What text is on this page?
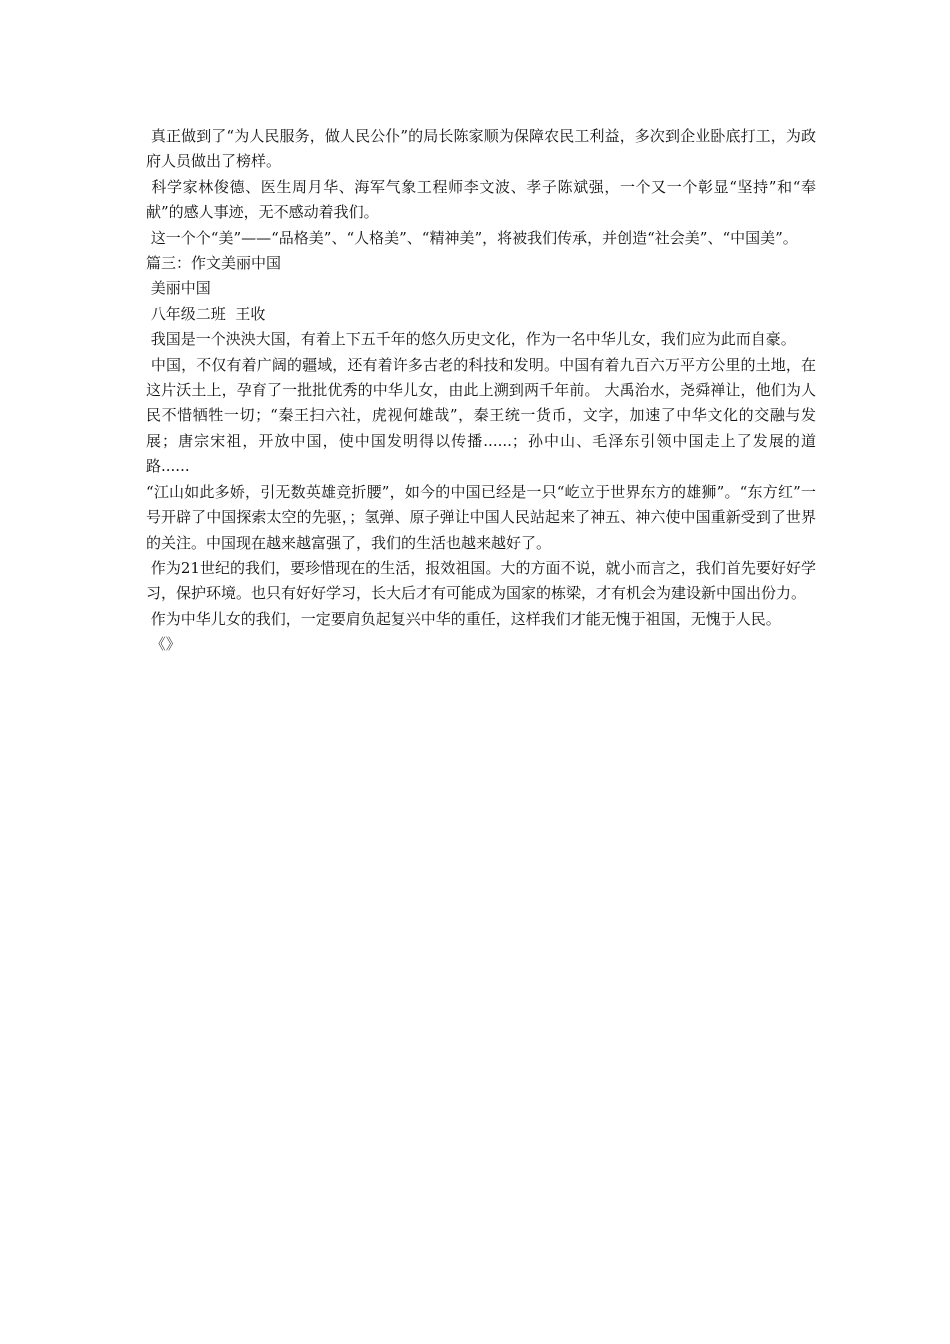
真正做到了“为人民服务，做人民公仆”的局长陈家顺为保障农民工利益，多次到企业卧底打工，为政府人员做出了榜样。

科学家林俊德、医生周月华、海军气象工程师李文波、孝子陈斌强，一个又一个彰显“坚持”和“奉献”的感人事迹，无不感动着我们。

这一个个“美”——“品格美”、“人格美”、“精神美”，将被我们传承，并创造“社会美”、“中国美”。

篇三：作文美丽中国

美丽中国

八年级二班  王收

我国是一个泱泱大国，有着上下五千年的悠久历史文化，作为一名中华儿女，我们应为此而自豪。

中国，不仅有着广阔的疆域，还有着许多古老的科技和发明。中国有着九百六万平方公里的土地，在这片沃土上，孕育了一批批优秀的中华儿女，由此上溯到两千年前。 大禹治水，尧舜禅让，他们为人民不惜牺牲一切；“秦王扫六社，虎视何雄哉”，秦王统一货币，文字，加速了中华文化的交融与发展；唐宗宋祖，开放中国，使中国发明得以传播......；孙中山、毛泽东引领中国走上了发展的道路......

“江山如此多娇，引无数英雄竞折腰”，如今的中国已经是一只“屹立于世界东方的雄狮”。“东方红”一号开辟了中国探索太空的先驱，；氢弹、原子弹让中国人民站起来了神五、神六使中国重新受到了世界的关注。中国现在越来越富强了，我们的生活也越来越好了。

作为21世纪的我们，要珍惜现在的生活，报效祖国。大的方面不说，就小而言之，我们首先要好好学习，保护环境。也只有好好学习，长大后才有可能成为国家的栋梁，才有机会为建设新中国出份力。

作为中华儿女的我们，一定要肩负起复兴中华的重任，这样我们才能无愧于祖国，无愧于人民。

《》
